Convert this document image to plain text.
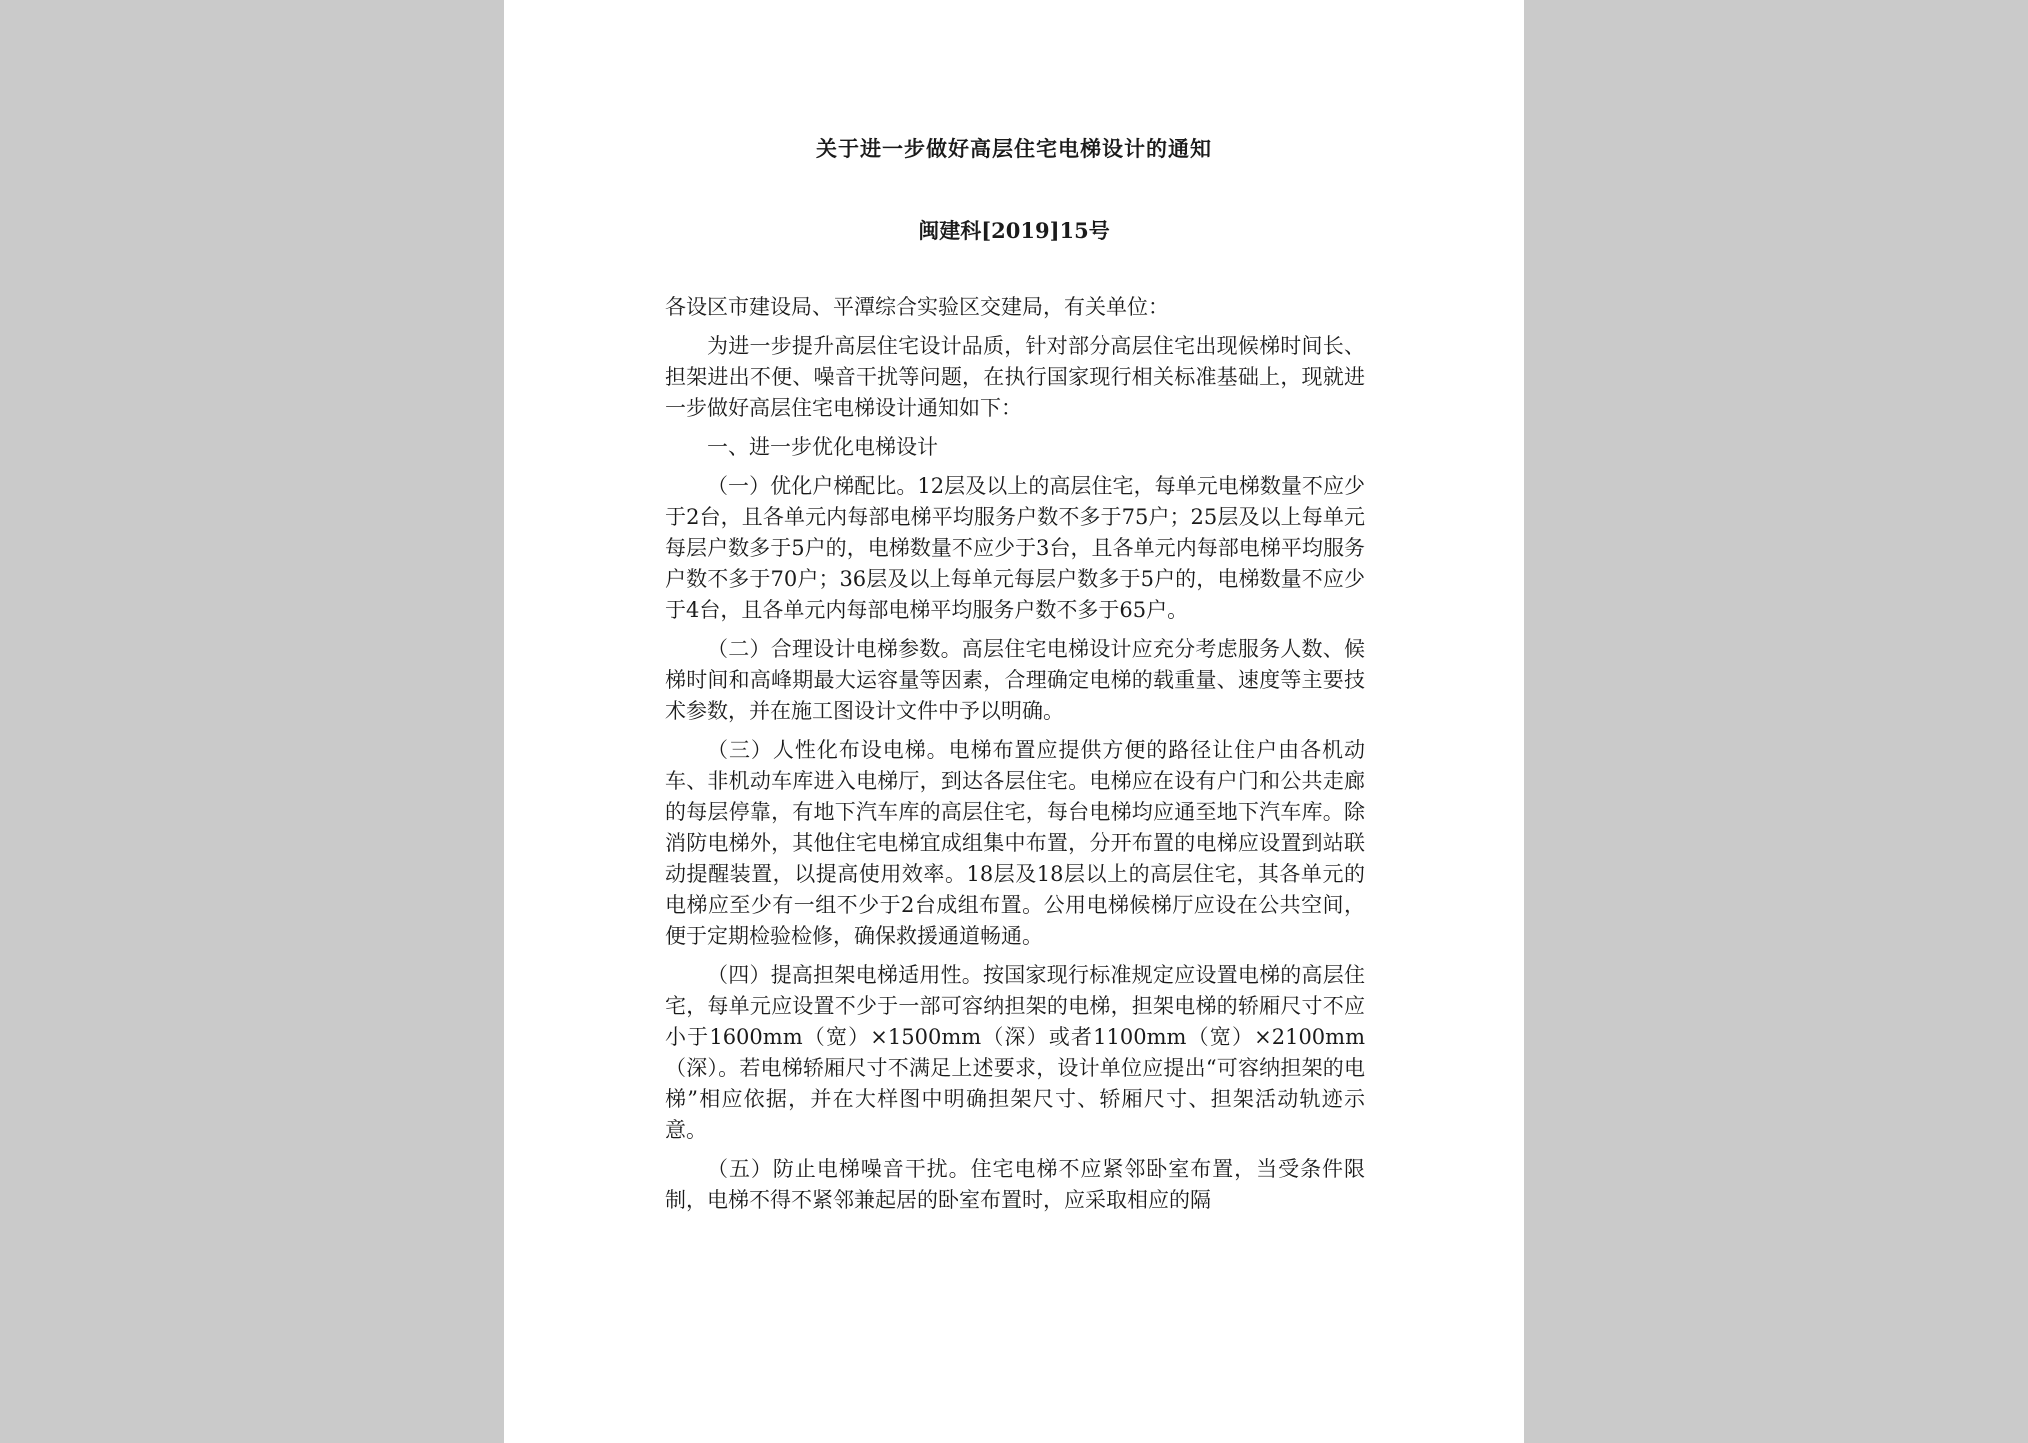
关于进一步做好高层住宅电梯设计的通知
闽建科[2019]15号

各设区市建设局、平潭综合实验区交建局，有关单位：

为进一步提升高层住宅设计品质，针对部分高层住宅出现候梯时间长、担架进出不便、噪音干扰等问题，在执行国家现行相关标准基础上，现就进一步做好高层住宅电梯设计通知如下：

一、进一步优化电梯设计

（一）优化户梯配比。12层及以上的高层住宅，每单元电梯数量不应少于2台，且各单元内每部电梯平均服务户数不多于75户；25层及以上每单元每层户数多于5户的，电梯数量不应少于3台，且各单元内每部电梯平均服务户数不多于70户；36层及以上每单元每层户数多于5户的，电梯数量不应少于4台，且各单元内每部电梯平均服务户数不多于65户。

（二）合理设计电梯参数。高层住宅电梯设计应充分考虑服务人数、候梯时间和高峰期最大运容量等因素，合理确定电梯的载重量、速度等主要技术参数，并在施工图设计文件中予以明确。

（三）人性化布设电梯。电梯布置应提供方便的路径让住户由各机动车、非机动车库进入电梯厅，到达各层住宅。电梯应在设有户门和公共走廊的每层停靠，有地下汽车库的高层住宅，每台电梯均应通至地下汽车库。除消防电梯外，其他住宅电梯宜成组集中布置，分开布置的电梯应设置到站联动提醒装置，以提高使用效率。18层及18层以上的高层住宅，其各单元的电梯应至少有一组不少于2台成组布置。公用电梯候梯厅应设在公共空间，便于定期检验检修，确保救援通道畅通。

（四）提高担架电梯适用性。按国家现行标准规定应设置电梯的高层住宅，每单元应设置不少于一部可容纳担架的电梯，担架电梯的轿厢尺寸不应小于1600mm（宽）×1500mm（深）或者1100mm（宽）×2100mm（深）。若电梯轿厢尺寸不满足上述要求，设计单位应提出“可容纳担架的电梯”相应依据，并在大样图中明确担架尺寸、轿厢尺寸、担架活动轨迹示意。

（五）防止电梯噪音干扰。住宅电梯不应紧邻卧室布置，当受条件限制，电梯不得不紧邻兼起居的卧室布置时，应采取相应的隔
